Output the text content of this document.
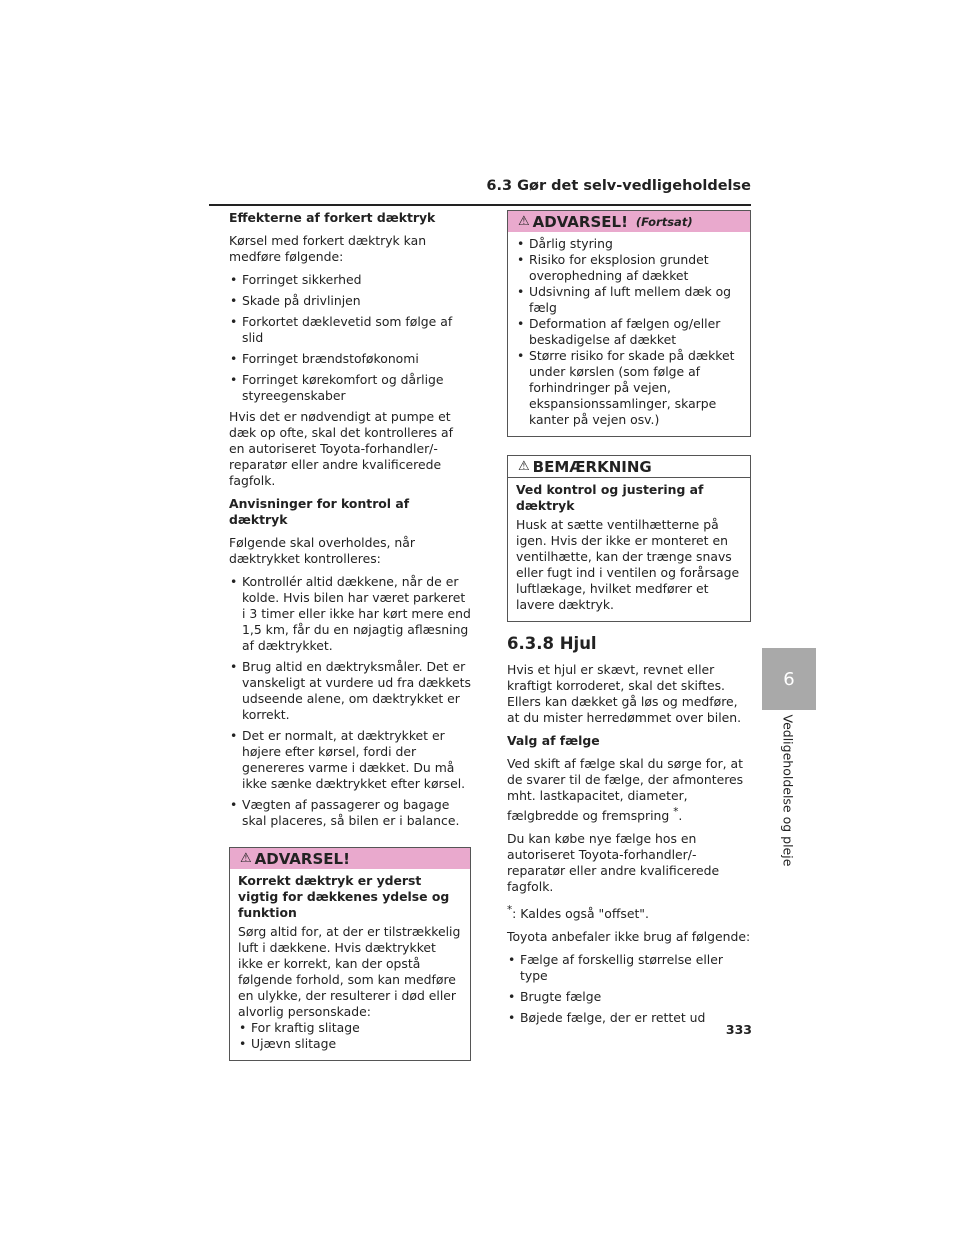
6.3 Gør det selv-vedligeholdelse
Effekterne af forkert dæktryk

Kørsel med forkert dæktryk kan medføre følgende:

• Forringet sikkerhed
• Skade på drivlinjen
• Forkortet dæklevetid som følge af slid
• Forringet brændstoføkonomi
• Forringet kørekomfort og dårlige styreegenskaber

Hvis det er nødvendigt at pumpe et dæk op ofte, skal det kontrolleres af en autoriseret Toyota-forhandler/-reparatør eller andre kvalificerede fagfolk.

Anvisninger for kontrol af dæktryk

Følgende skal overholdes, når dæktrykket kontrolleres:

• Kontrollér altid dækkene, når de er kolde. Hvis bilen har været parkeret i 3 timer eller ikke har kørt mere end 1,5 km, får du en nøjagtig aflæsning af dæktrykket.
• Brug altid en dæktryksmåler. Det er vanskeligt at vurdere ud fra dækkets udseende alene, om dæktrykket er korrekt.
• Det er normalt, at dæktrykket er højere efter kørsel, fordi der genereres varme i dækket. Du må ikke sænke dæktrykket efter kørsel.
• Vægten af passagerer og bagage skal placeres, så bilen er i balance.
⚠ ADVARSEL!

Korrekt dæktryk er yderst vigtig for dækkenes ydelse og funktion

Sørg altid for, at der er tilstrækkelig luft i dækkene. Hvis dæktrykket ikke er korrekt, kan der opstå følgende forhold, som kan medføre en ulykke, der resulterer i død eller alvorlig personskade:

• For kraftig slitage
• Ujævn slitage
⚠ ADVARSEL! (Fortsat)
• Dårlig styring
• Risiko for eksplosion grundet overophedning af dækket
• Udsivning af luft mellem dæk og fælg
• Deformation af fælgen og/eller beskadigelse af dækket
• Større risiko for skade på dækket under kørslen (som følge af forhindringer på vejen, ekspansionssamlinger, skarpe kanter på vejen osv.)
⚠ BEMÆRKNING

Ved kontrol og justering af dæktryk

Husk at sætte ventilhætterne på igen. Hvis der ikke er monteret en ventilhætte, kan der trænge snavs eller fugt ind i ventilen og forårsage luftlækage, hvilket medfører et lavere dæktryk.

6.3.8 Hjul

Hvis et hjul er skævt, revnet eller kraftigt korroderet, skal det skiftes. Ellers kan dækket gå løs og medføre, at du mister herredømmet over bilen.

Valg af fælge

Ved skift af fælge skal du sørge for, at de svarer til de fælge, der afmonteres mht. lastkapacitet, diameter, fælgbredde og fremspring *.

Du kan købe nye fælge hos en autoriseret Toyota-forhandler/-reparatør eller andre kvalificerede fagfolk.

*: Kaldes også "offset".

Toyota anbefaler ikke brug af følgende:

• Fælge af forskellig størrelse eller type
• Brugte fælge
• Bøjede fælge, der er rettet ud
6
Vedligeholdelse og pleje
333
